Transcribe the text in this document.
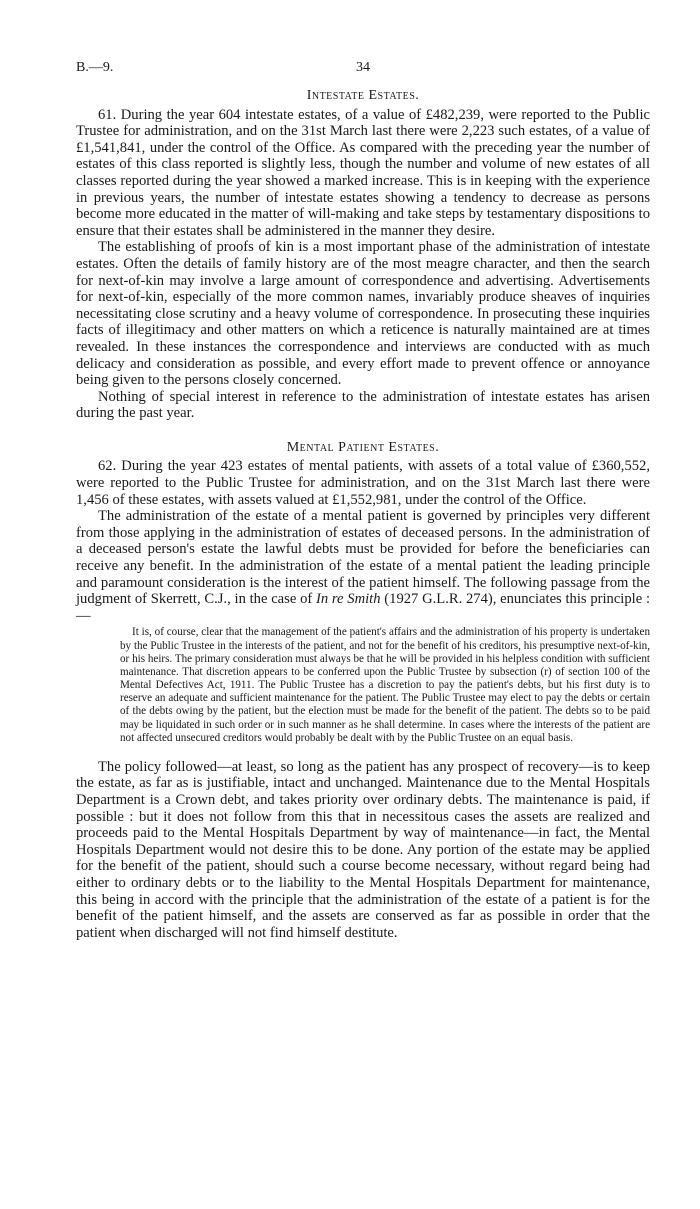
B.—9.	34
Intestate Estates.

61. During the year 604 intestate estates, of a value of £482,239, were reported to the Public Trustee for administration, and on the 31st March last there were 2,223 such estates, of a value of £1,541,841, under the control of the Office. As compared with the preceding year the number of estates of this class reported is slightly less, though the number and volume of new estates of all classes reported during the year showed a marked increase. This is in keeping with the experience in previous years, the number of intestate estates showing a tendency to decrease as persons become more educated in the matter of will-making and take steps by testamentary dispositions to ensure that their estates shall be administered in the manner they desire.

The establishing of proofs of kin is a most important phase of the administration of intestate estates. Often the details of family history are of the most meagre character, and then the search for next-of-kin may involve a large amount of correspondence and advertising. Advertisements for next-of-kin, especially of the more common names, invariably produce sheaves of inquiries necessitating close scrutiny and a heavy volume of correspondence. In prosecuting these inquiries facts of illegitimacy and other matters on which a reticence is naturally maintained are at times revealed. In these instances the correspondence and interviews are conducted with as much delicacy and consideration as possible, and every effort made to prevent offence or annoyance being given to the persons closely concerned.

Nothing of special interest in reference to the administration of intestate estates has arisen during the past year.

Mental Patient Estates.

62. During the year 423 estates of mental patients, with assets of a total value of £360,552, were reported to the Public Trustee for administration, and on the 31st March last there were 1,456 of these estates, with assets valued at £1,552,981, under the control of the Office.

The administration of the estate of a mental patient is governed by principles very different from those applying in the administration of estates of deceased persons. In the administration of a deceased person's estate the lawful debts must be provided for before the beneficiaries can receive any benefit. In the administration of the estate of a mental patient the leading principle and paramount consideration is the interest of the patient himself. The following passage from the judgment of Skerrett, C.J., in the case of In re Smith (1927 G.L.R. 274), enunciates this principle :—

It is, of course, clear that the management of the patient's affairs and the administration of his property is undertaken by the Public Trustee in the interests of the patient, and not for the benefit of his creditors, his presumptive next-of-kin, or his heirs. The primary consideration must always be that he will be provided in his helpless condition with sufficient maintenance. That discretion appears to be conferred upon the Public Trustee by subsection (r) of section 100 of the Mental Defectives Act, 1911. The Public Trustee has a discretion to pay the patient's debts, but his first duty is to reserve an adequate and sufficient maintenance for the patient. The Public Trustee may elect to pay the debts or certain of the debts owing by the patient, but the election must be made for the benefit of the patient. The debts so to be paid may be liquidated in such order or in such manner as he shall determine. In cases where the interests of the patient are not affected unsecured creditors would probably be dealt with by the Public Trustee on an equal basis.

The policy followed—at least, so long as the patient has any prospect of recovery—is to keep the estate, as far as is justifiable, intact and unchanged. Maintenance due to the Mental Hospitals Department is a Crown debt, and takes priority over ordinary debts. The maintenance is paid, if possible : but it does not follow from this that in necessitous cases the assets are realized and proceeds paid to the Mental Hospitals Department by way of maintenance—in fact, the Mental Hospitals Department would not desire this to be done. Any portion of the estate may be applied for the benefit of the patient, should such a course become necessary, without regard being had either to ordinary debts or to the liability to the Mental Hospitals Department for maintenance, this being in accord with the principle that the administration of the estate of a patient is for the benefit of the patient himself, and the assets are conserved as far as possible in order that the patient when discharged will not find himself destitute.
